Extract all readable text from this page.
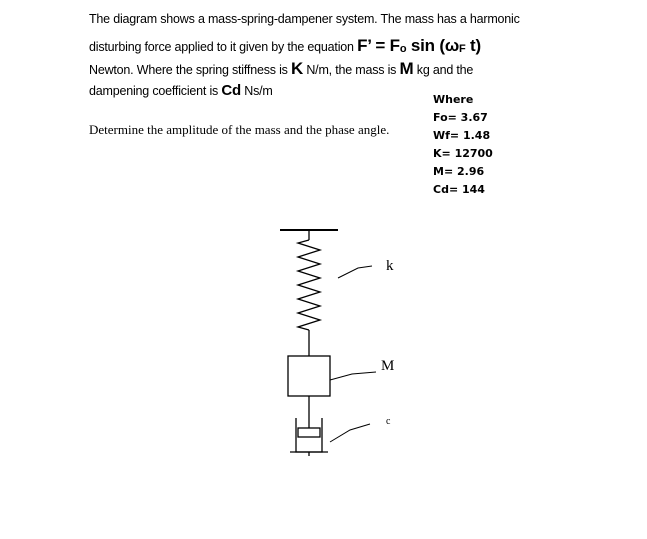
The diagram shows a mass-spring-dampener system. The mass has a harmonic
disturbing force applied to it given by the equation F’ = Fo sin (ωF t)
Newton. Where the spring stiffness is K N/m, the mass is M kg and the
dampening coefficient is Cd Ns/m
Determine the amplitude of the mass and the phase angle.
Where
Fo= 3.67
Wf= 1.48
K= 12700
M= 2.96
Cd= 144
k
M
c
